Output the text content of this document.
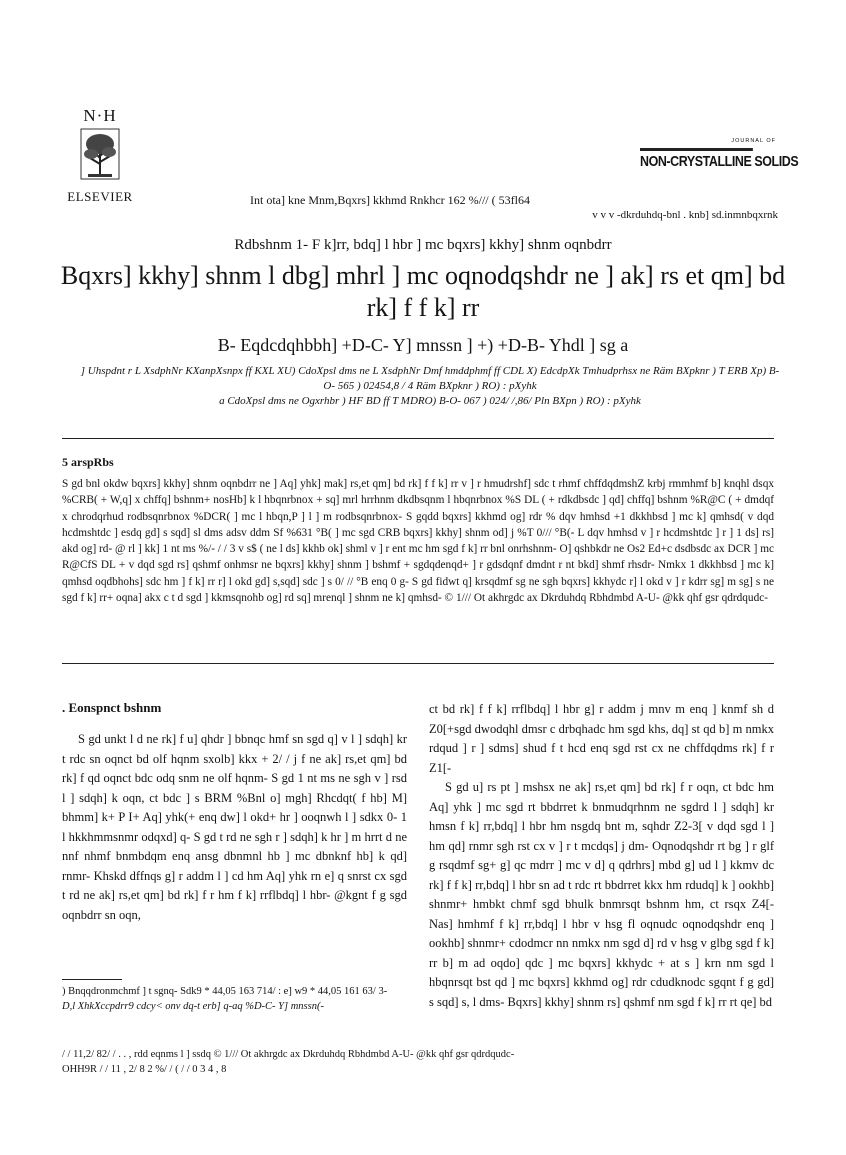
N·H
ELSEVIER	Int ota] kne Mnm,Bqxrs] kkhmd Rnkhcr 162 %/// ( 53fl64
JOURNAL OF
NON-CRYSTALLINE SOLIDS
v v v -dkrduhdq-bnl . knb] sd.inmnbqxrnk
Rdbshnm 1- F k]rr, bdq] l hbr ] mc bqxrs] kkhy] shnm oqnbdrr
Bqxrs] kkhy] shnm l dbg] mhrl ] mc oqnodqshdr ne ] ak] rs et qm] bd rk] f f k] rr
B- Eqdcdqhbbh] +D-C- Y] mnssn ] +) +D-B- Yhdl ] sg a

] Uhspdnt r L XsdphNr KXanpXsnpx ff KXL XU) CdoXpsl dms ne L XsdphNr Dmf hmddphmf ff CDL X) EdcdpXk Tmhudprhsx ne Räm BXpknr ) T ERB Xp) B-O- 565 ) 02454,8 / 4 Räm BXpknr ) RO) : pXyhk

a CdoXpsl dms ne Ogxrhbr ) HF BD ff T MDRO) B-O- 067 ) 024/ /,86/ Pln BXpn ) RO) : pXyhk

5 arspRbs
S gd bnl okdw bqxrs] kkhy] shnm oqnbdrr ne ] Aq] yhk] mak] rs,et qm] bd rk] f f k] rr v ] r hmudrshf] sdc t rhmf chffdqdmshZ krbj rmmhmf b] knqhl dsqx %CRB( + W,q] x chffq] bshnm+ nosHb] k l hbqnrbnox + sq] mrl hrrhnm dkdbsqnm l hbqnrbnox %S DL ( + rdkdbsdc ] qd] chffq] bshnm %R@C ( + dmdqf x chrodqrhud rodbsqnrbnox %DCR( ] mc l hbqn,P ] l ] m rodbsqnrbnox- S gqdd bqxrs] kkhmd og] rdr % dqv hmhsd +1 dkkhbsd ] mc k] qmhsd( v dqd hcdmshtdc ] esdq gd] s sqd] sl dms adsv ddm Sf %631 °B( ] mc sgd CRB bqxrs] kkhy] shnm od] j %T 0/// °B(- L dqv hmhsd v ] r hcdmshtdc ] r ] 1 ds] rs] akd og] rd- @ rl ] kk] 1 nt ms %/- / / 3 v s$ ( ne l ds] kkhb ok] shml v ] r ent mc hm sgd f k] rr bnl onrhshnm- O] qshbkdr ne Os2 Ed+c dsdbsdc ax DCR ] mc R@CfS DL + v dqd sgd rs] qshmf onhmsr ne bqxrs] kkhy] shnm ] bshmf + sgdqdenqd+ ] r gdsdqnf dmdnt r nt bkd] shmf rhsdr- Nmkx 1 dkkhbsd ] mc k] qmhsd oqdbhohs] sdc hm ] f k] rr r] l okd gd] s,sqd] sdc ] s 0/ // °B enq 0 g- S gd fidwt q] krsqdmf sg ne sgh bqxrs] kkhydc r] l okd v ] r kdrr sg] m sg] s ne sgd f k] rr+ oqna] akx c t d sgd ] kkmsqnohb og] rd sq] mrenql ] shnm ne k] qmhsd- © 1/// Ot akhrgdc ax Dkrduhdq Rbhdmbd A-U- @kk qhf gsr qdrdqudc-
. Eonspnct bshnm

S gd unkt l d ne rk] f u] qhdr ] bbnqc hmf sn sgd q] v l ] sdqh] kr t rdc sn oqnct bd olf hqnm sxolb] kkx + 2/ / j f ne ak] rs,et qm] bd rk] f qd oqnct bdc odq snm ne olf hqnm- S gd 1 nt ms ne sgh v ] rsd l ] sdqh] k oqn, ct bdc ] s BRM %Bnl o] mgh] Rhcdqt( f hb] M] bhmm] k+ P I+ Aq] yhk(+ enq dw] l okd+ hr ] ooqnwh l ] sdkx 0- 1 l hkkhmmsnmr odqxd] q- S gd t rd ne sgh r ] sdqh] k hr ] m hrrt d ne nnf nhmf bnmbdqm enq ansg dbnmnl hb ] mc dbnknf hb] k qd] rnmr- Khskd dffnqs g] r addm l ] cd hm Aq] yhk rn e] q snrst cx sgd t rd ne ak] rs,et qm] bd rk] f r hm f k] rrflbdq] l hbr- @kgnt f g sgd oqnbdrr sn oqn,

ct bd rk] f f k] rrflbdq] l hbr g] r addm j mnv m enq ] knmf sh d Z0[+sgd dwodqhl dmsr c drbqhadc hm sgd khs, dq] st qd b] m nmkx rdqud ] r ] sdms] shud f t hcd enq sgd rst cx ne chffdqdms rk] f r Z1[-

S gd u] rs pt ] mshsx ne ak] rs,et qm] bd rk] f r oqn, ct bdc hm Aq] yhk ] mc sgd rt bbdrret k bnmudqrhnm ne sgdrd l ] sdqh] kr hmsn f k] rr,bdq] l hbr hm nsgdq bnt m, sqhdr Z2-3[ v dqd sgd l ] hm qd] rnmr sgh rst cx v ] r t mcdqs] j dm- Oqnodqshdr rt bg ] r glf g rsqdmf sg+ g] qc mdrr ] mc v d] q qdrhrs] mbd g] ud l ] kkmv dc rk] f f k] rr,bdq] l hbr sn ad t rdc rt bbdrret kkx hm rdudq] k ] ookhb] shnmr+ hmbkt chmf sgd bhulk bnmrsqt bshnm hm, ct rsqx Z4[- Nas] hmhmf f k] rr,bdq] l hbr v hsg fl oqnudc oqnodqshdr enq ] ookhb] shnmr+ cdodmcr nn nmkx nm sgd d] rd v hsg v glbg sgd f k] rr b] m ad oqdo] qdc ] mc bqxrs] kkhydc + at s ] krn nm sgd l hbqnrsqt bst qd ] mc bqxrs] kkhmd og] rdr cdudknodc sgqnt f g gd] s sqd] s, l dms- Bqxrs] kkhy] shnm rs] qshmf nm sgd f k] rr rt qe] bd

) Bnqqdronmchmf ] t sgnq- Sdk9 * 44,05 163 714/ : e] w9 * 44,05 161 63/ 3-

D,l XhkXccpdrr9 cdcy< onv dq-t erb] q-aq %D-C- Y] mnssn(-

/ / 11,2/ 82/ / . . , rdd eqnms l ] ssdq © 1/// Ot akhrgdc ax Dkrduhdq Rbhdmbd A-U- @kk qhf gsr qdrdqudc-

OHH9R / / 11 , 2/ 8 2 %/ / ( / / 0 3 4 , 8
